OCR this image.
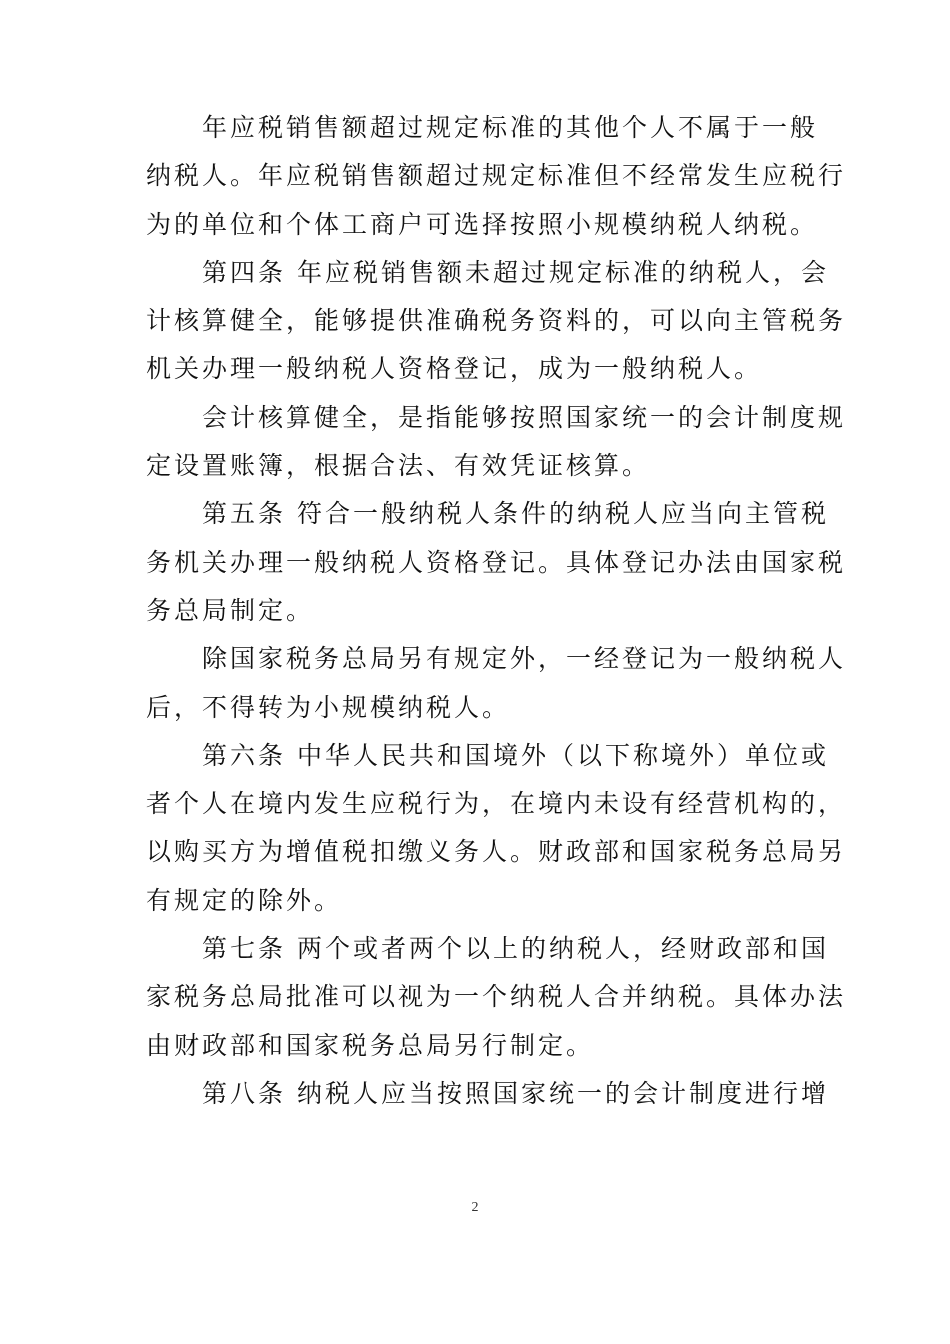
年应税销售额超过规定标准的其他个人不属于一般
纳税人。年应税销售额超过规定标准但不经常发生应税行
为的单位和个体工商户可选择按照小规模纳税人纳税。
第四条 年应税销售额未超过规定标准的纳税人，会
计核算健全，能够提供准确税务资料的，可以向主管税务
机关办理一般纳税人资格登记，成为一般纳税人。
会计核算健全，是指能够按照国家统一的会计制度规
定设置账簿，根据合法、有效凭证核算。
第五条 符合一般纳税人条件的纳税人应当向主管税
务机关办理一般纳税人资格登记。具体登记办法由国家税
务总局制定。
除国家税务总局另有规定外，一经登记为一般纳税人
后，不得转为小规模纳税人。
第六条 中华人民共和国境外（以下称境外）单位或
者个人在境内发生应税行为，在境内未设有经营机构的，
以购买方为增值税扣缴义务人。财政部和国家税务总局另
有规定的除外。
第七条 两个或者两个以上的纳税人，经财政部和国
家税务总局批准可以视为一个纳税人合并纳税。具体办法
由财政部和国家税务总局另行制定。
第八条 纳税人应当按照国家统一的会计制度进行增
2
